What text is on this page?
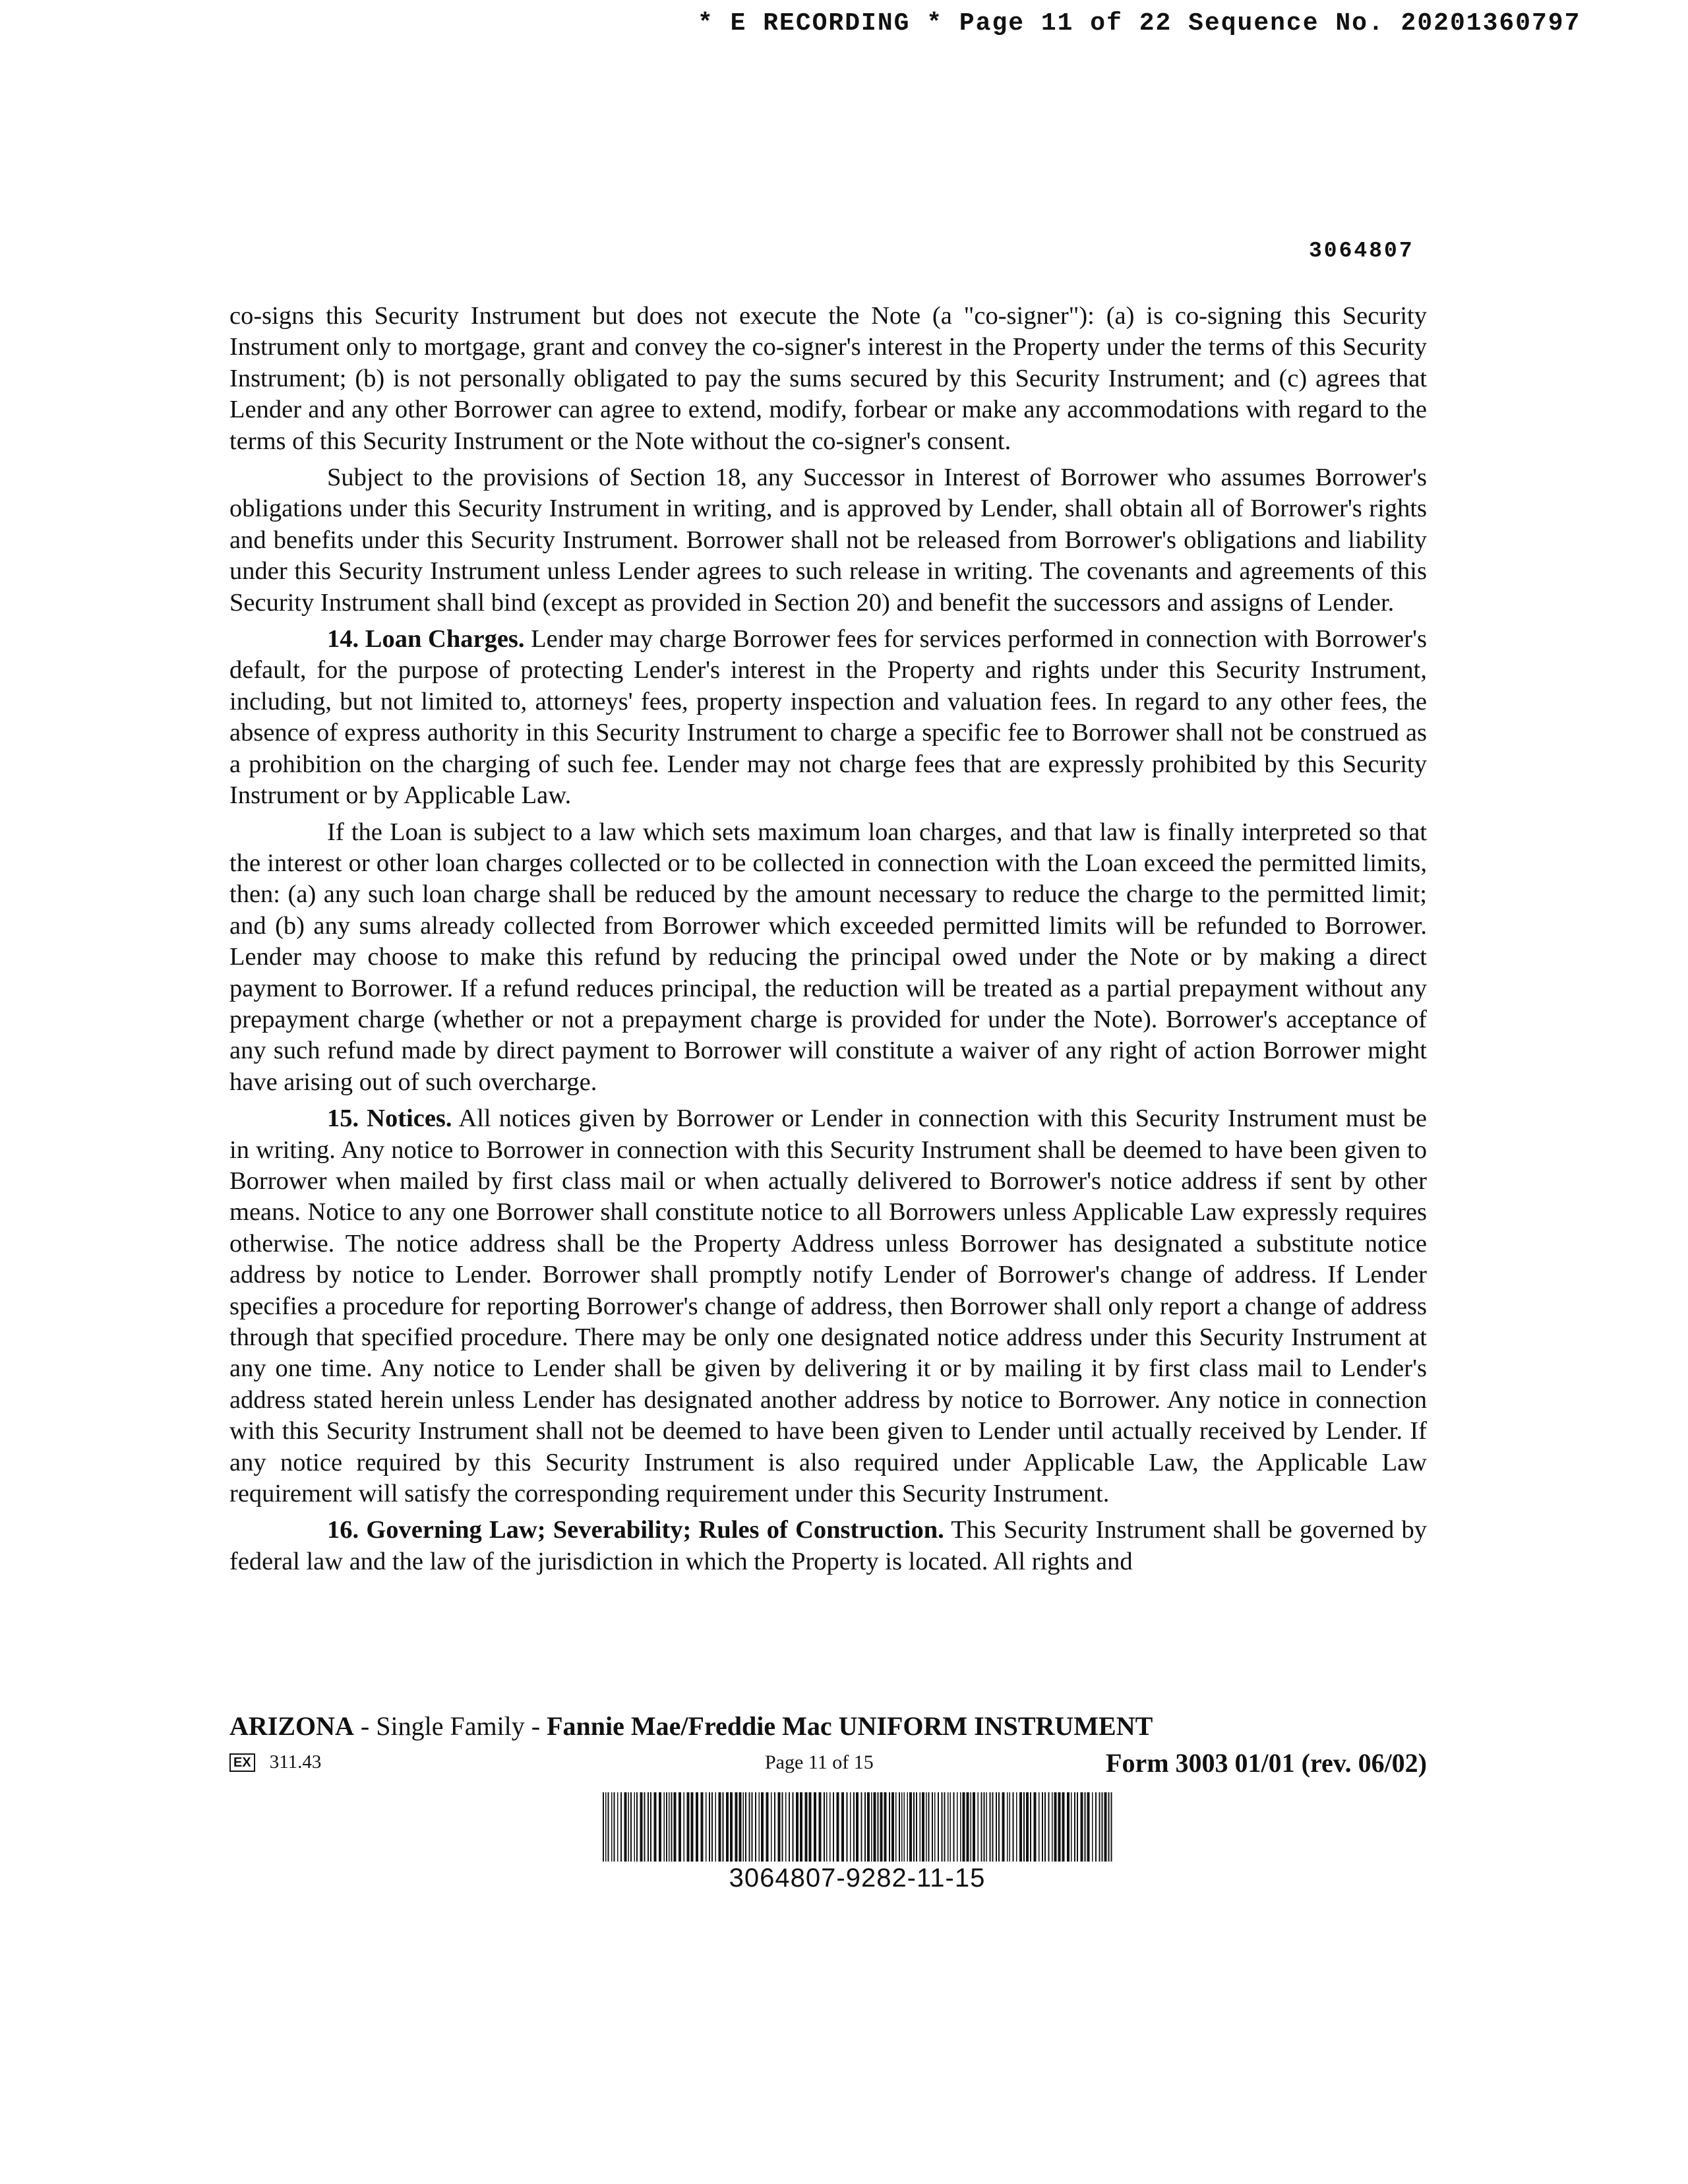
* E RECORDING * Page 11 of 22 Sequence No. 20201360797
3064807

co-signs this Security Instrument but does not execute the Note (a "co-signer"): (a) is co-signing this Security Instrument only to mortgage, grant and convey the co-signer's interest in the Property under the terms of this Security Instrument; (b) is not personally obligated to pay the sums secured by this Security Instrument; and (c) agrees that Lender and any other Borrower can agree to extend, modify, forbear or make any accommodations with regard to the terms of this Security Instrument or the Note without the co-signer's consent.

Subject to the provisions of Section 18, any Successor in Interest of Borrower who assumes Borrower's obligations under this Security Instrument in writing, and is approved by Lender, shall obtain all of Borrower's rights and benefits under this Security Instrument. Borrower shall not be released from Borrower's obligations and liability under this Security Instrument unless Lender agrees to such release in writing. The covenants and agreements of this Security Instrument shall bind (except as provided in Section 20) and benefit the successors and assigns of Lender.

14. Loan Charges. Lender may charge Borrower fees for services performed in connection with Borrower's default, for the purpose of protecting Lender's interest in the Property and rights under this Security Instrument, including, but not limited to, attorneys' fees, property inspection and valuation fees. In regard to any other fees, the absence of express authority in this Security Instrument to charge a specific fee to Borrower shall not be construed as a prohibition on the charging of such fee. Lender may not charge fees that are expressly prohibited by this Security Instrument or by Applicable Law.

If the Loan is subject to a law which sets maximum loan charges, and that law is finally interpreted so that the interest or other loan charges collected or to be collected in connection with the Loan exceed the permitted limits, then: (a) any such loan charge shall be reduced by the amount necessary to reduce the charge to the permitted limit; and (b) any sums already collected from Borrower which exceeded permitted limits will be refunded to Borrower. Lender may choose to make this refund by reducing the principal owed under the Note or by making a direct payment to Borrower. If a refund reduces principal, the reduction will be treated as a partial prepayment without any prepayment charge (whether or not a prepayment charge is provided for under the Note). Borrower's acceptance of any such refund made by direct payment to Borrower will constitute a waiver of any right of action Borrower might have arising out of such overcharge.

15. Notices. All notices given by Borrower or Lender in connection with this Security Instrument must be in writing. Any notice to Borrower in connection with this Security Instrument shall be deemed to have been given to Borrower when mailed by first class mail or when actually delivered to Borrower's notice address if sent by other means. Notice to any one Borrower shall constitute notice to all Borrowers unless Applicable Law expressly requires otherwise. The notice address shall be the Property Address unless Borrower has designated a substitute notice address by notice to Lender. Borrower shall promptly notify Lender of Borrower's change of address. If Lender specifies a procedure for reporting Borrower's change of address, then Borrower shall only report a change of address through that specified procedure. There may be only one designated notice address under this Security Instrument at any one time. Any notice to Lender shall be given by delivering it or by mailing it by first class mail to Lender's address stated herein unless Lender has designated another address by notice to Borrower. Any notice in connection with this Security Instrument shall not be deemed to have been given to Lender until actually received by Lender. If any notice required by this Security Instrument is also required under Applicable Law, the Applicable Law requirement will satisfy the corresponding requirement under this Security Instrument.

16. Governing Law; Severability; Rules of Construction. This Security Instrument shall be governed by federal law and the law of the jurisdiction in which the Property is located. All rights and

ARIZONA - Single Family - Fannie Mae/Freddie Mac UNIFORM INSTRUMENT
EX 311.43	Page 11 of 15	Form 3003 01/01 (rev. 06/02)
3064807-9282-11-15
